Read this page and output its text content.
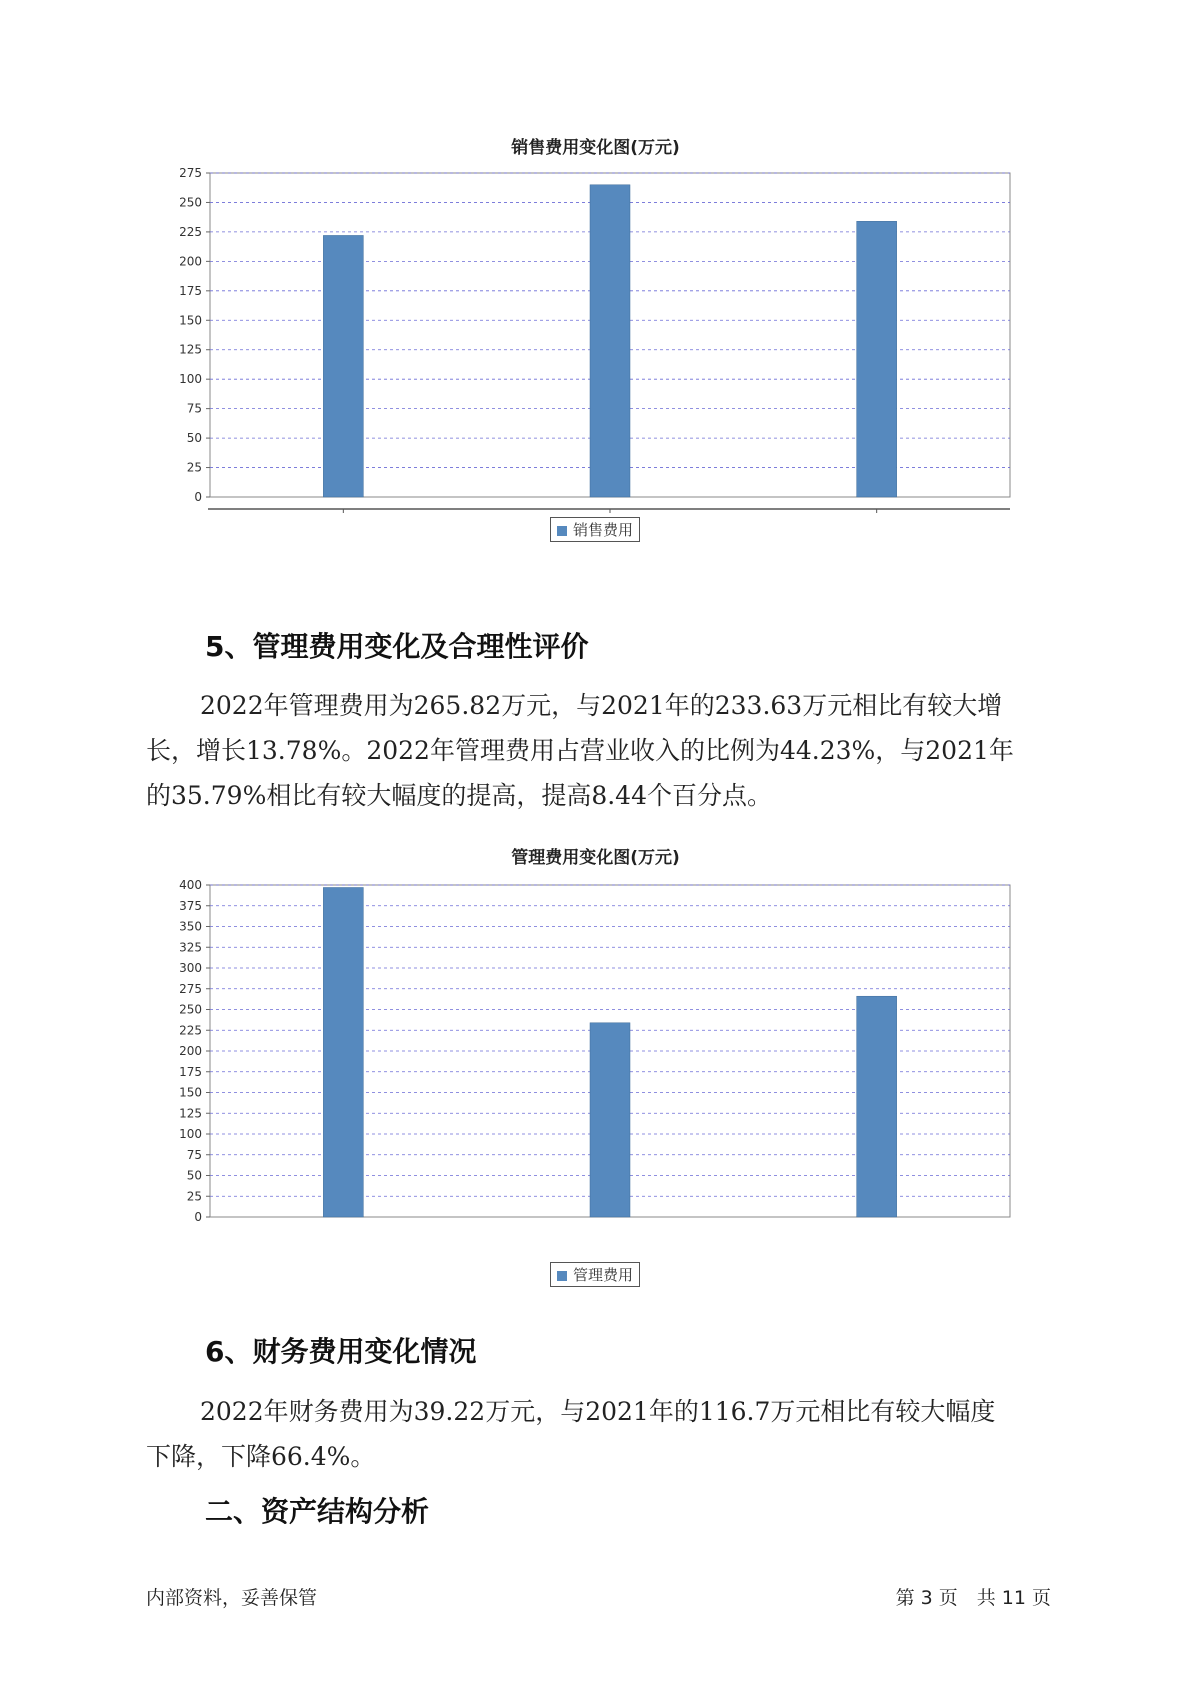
销售费用变化图(万元)
0
25
50
75
100
125
150
175
200
225
250
275
销售费用
5、管理费用变化及合理性评价
2022年管理费用为265.82万元，与2021年的233.63万元相比有较大增
长，增长13.78%。2022年管理费用占营业收入的比例为44.23%，与2021年
的35.79%相比有较大幅度的提高，提高8.44个百分点。
管理费用变化图(万元)
0
25
50
75
100
125
150
175
200
225
250
275
300
325
350
375
400
管理费用
6、财务费用变化情况
2022年财务费用为39.22万元，与2021年的116.7万元相比有较大幅度
下降，下降66.4%。
二、资产结构分析
内部资料，妥善保管	第 3 页　共 11 页
